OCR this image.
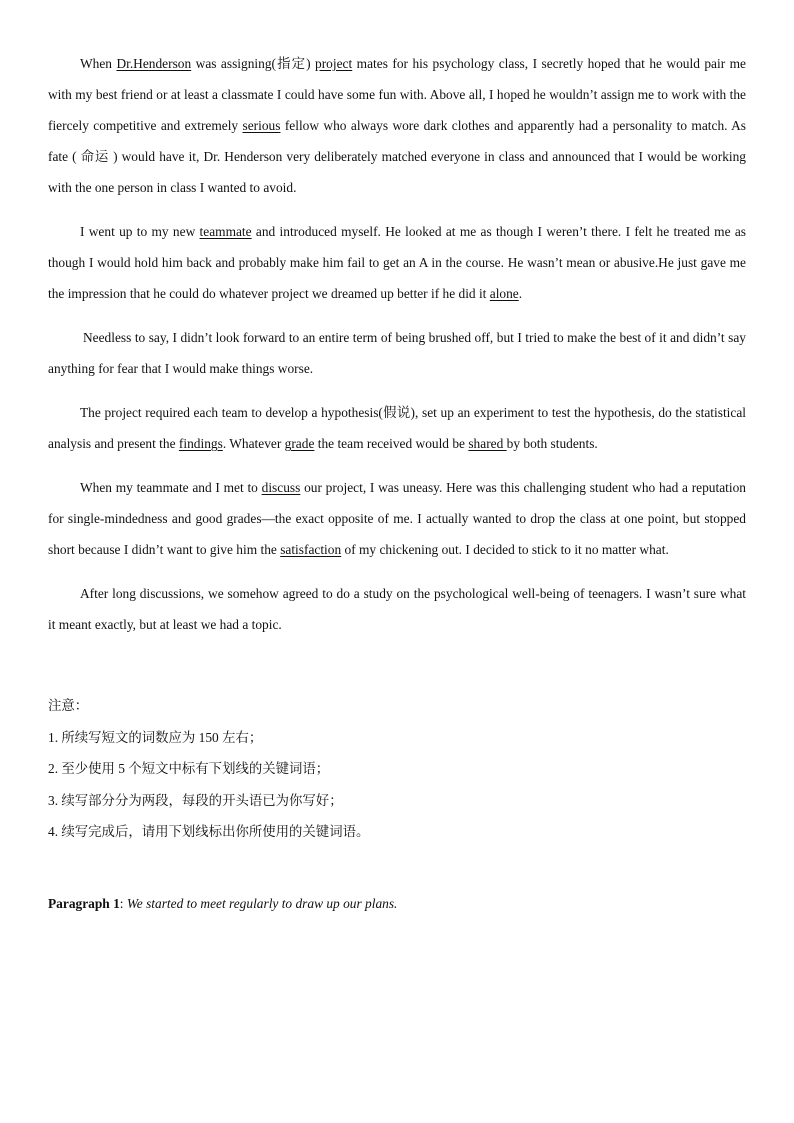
When Dr.Henderson was assigning(指定) project mates for his psychology class, I secretly hoped that he would pair me with my best friend or at least a classmate I could have some fun with. Above all, I hoped he wouldn’t assign me to work with the fiercely competitive and extremely serious fellow who always wore dark clothes and apparently had a personality to match. As fate ( 命运 ) would have it, Dr. Henderson very deliberately matched everyone in class and announced that I would be working with the one person in class I wanted to avoid.

I went up to my new teammate and introduced myself. He looked at me as though I weren’t there. I felt he treated me as though I would hold him back and probably make him fail to get an A in the course. He wasn’t mean or abusive.He just gave me the impression that he could do whatever project we dreamed up better if he did it alone.

Needless to say, I didn’t look forward to an entire term of being brushed off, but I tried to make the best of it and didn’t say anything for fear that I would make things worse.

The project required each team to develop a hypothesis(假说), set up an experiment to test the hypothesis, do the statistical analysis and present the findings. Whatever grade the team received would be shared by both students.

When my teammate and I met to discuss our project, I was uneasy. Here was this challenging student who had a reputation for single-mindedness and good grades—the exact opposite of me. I actually wanted to drop the class at one point, but stopped short because I didn’t want to give him the satisfaction of my chickening out. I decided to stick to it no matter what.

After long discussions, we somehow agreed to do a study on the psychological well-being of teenagers. I wasn’t sure what it meant exactly, but at least we had a topic.

注意：
1. 所续写短文的词数应为 150 左右；
2. 至少使用 5 个短文中标有下划线的关键词语；
3. 续写部分分为两段，每段的开头语已为你写好；
4. 续写完成后，请用下划线标出你所使用的关键词语。
Paragraph 1: We started to meet regularly to draw up our plans.
